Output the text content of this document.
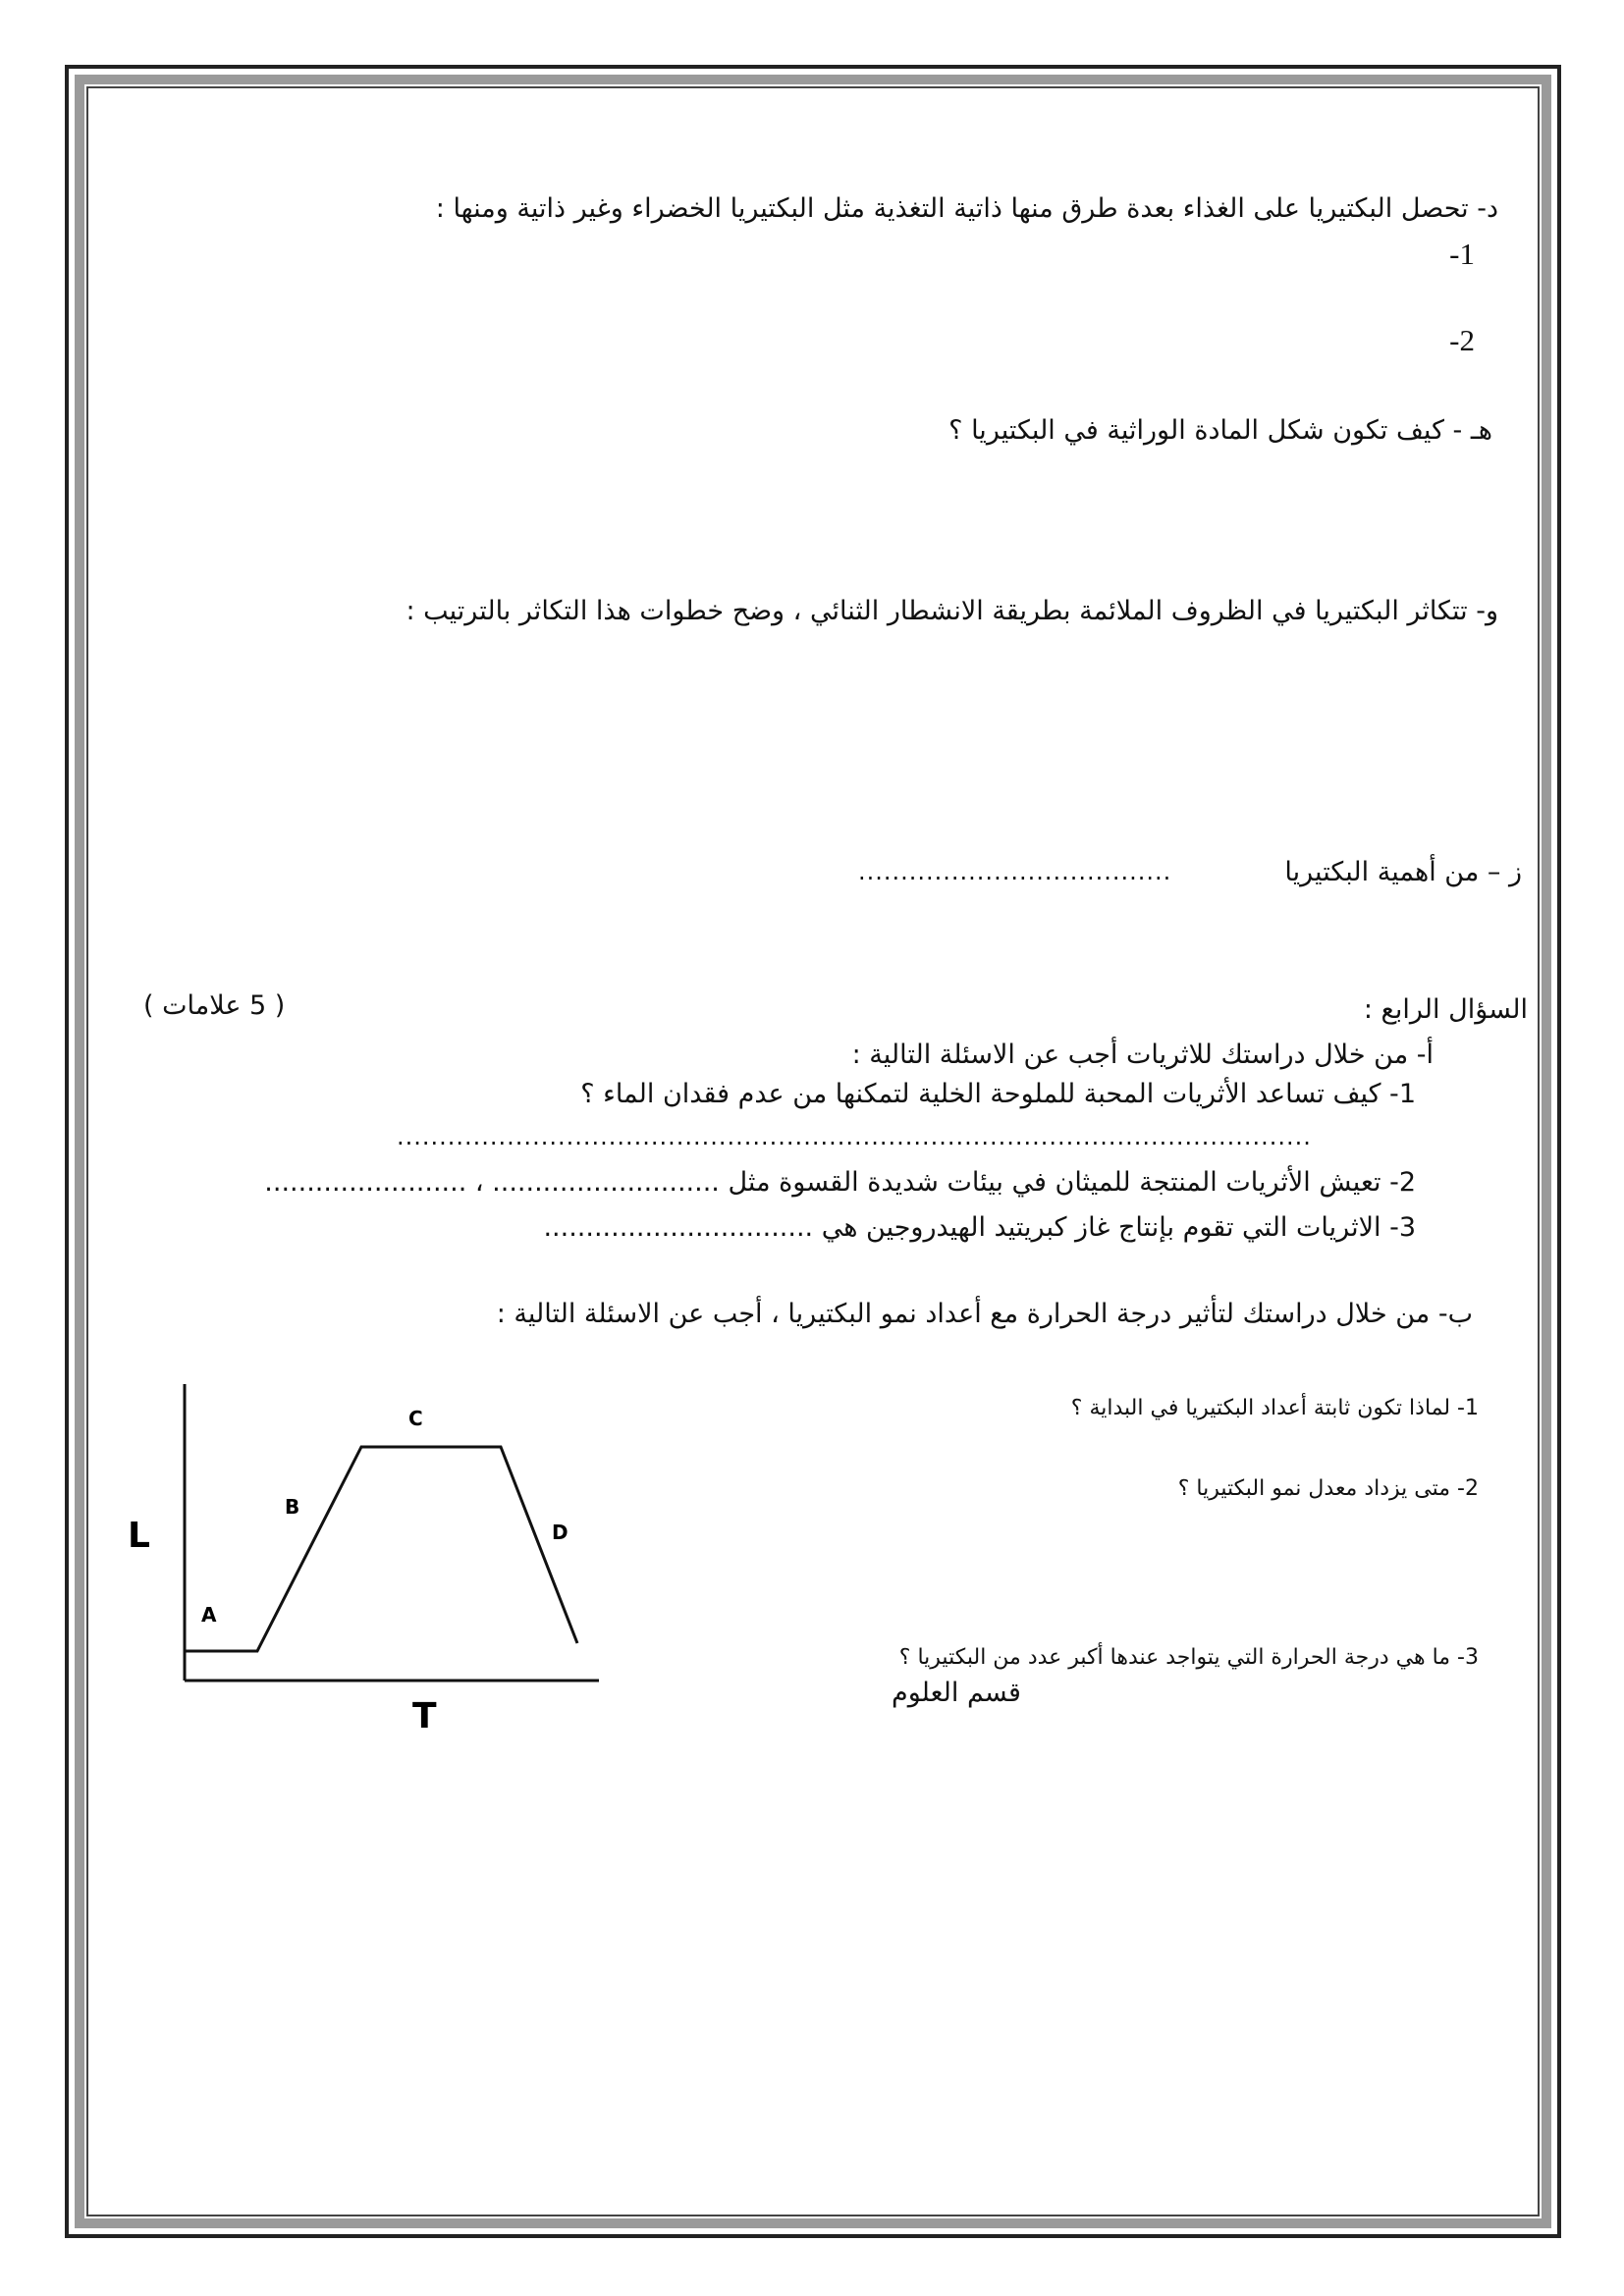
د- تحصل البكتيريا على الغذاء بعدة طرق منها ذاتية التغذية مثل البكتيريا الخضراء وغير ذاتية ومنها :
-1
-2
هـ - كيف تكون شكل المادة الوراثية في البكتيريا ؟
و- تتكاثر البكتيريا في الظروف الملائمة بطريقة الانشطار الثنائي ، وضح خطوات هذا التكاثر بالترتيب :
ز – من أهمية البكتيريا
.....................................
السؤال الرابع :
( 5 علامات )
أ- من خلال دراستك للاثريات أجب عن الاسئلة التالية :
1- كيف تساعد الأثريات المحبة للملوحة الخلية لتمكنها من عدم فقدان الماء ؟
............................................................................................................
2- تعيش الأثريات المنتجة للميثان في بيئات شديدة القسوة مثل ........................... ، ........................
3- الاثريات التي تقوم بإنتاج غاز كبريتيد الهيدروجين هي ................................
ب- من خلال دراستك لتأثير درجة الحرارة مع أعداد نمو البكتيريا ، أجب عن الاسئلة التالية :
1- لماذا تكون ثابتة أعداد البكتيريا في البداية ؟
2- متى يزداد معدل نمو البكتيريا ؟
3- ما هي درجة الحرارة التي يتواجد عندها أكبر عدد من البكتيريا ؟
قسم العلوم
A
B
C
D
L
T
